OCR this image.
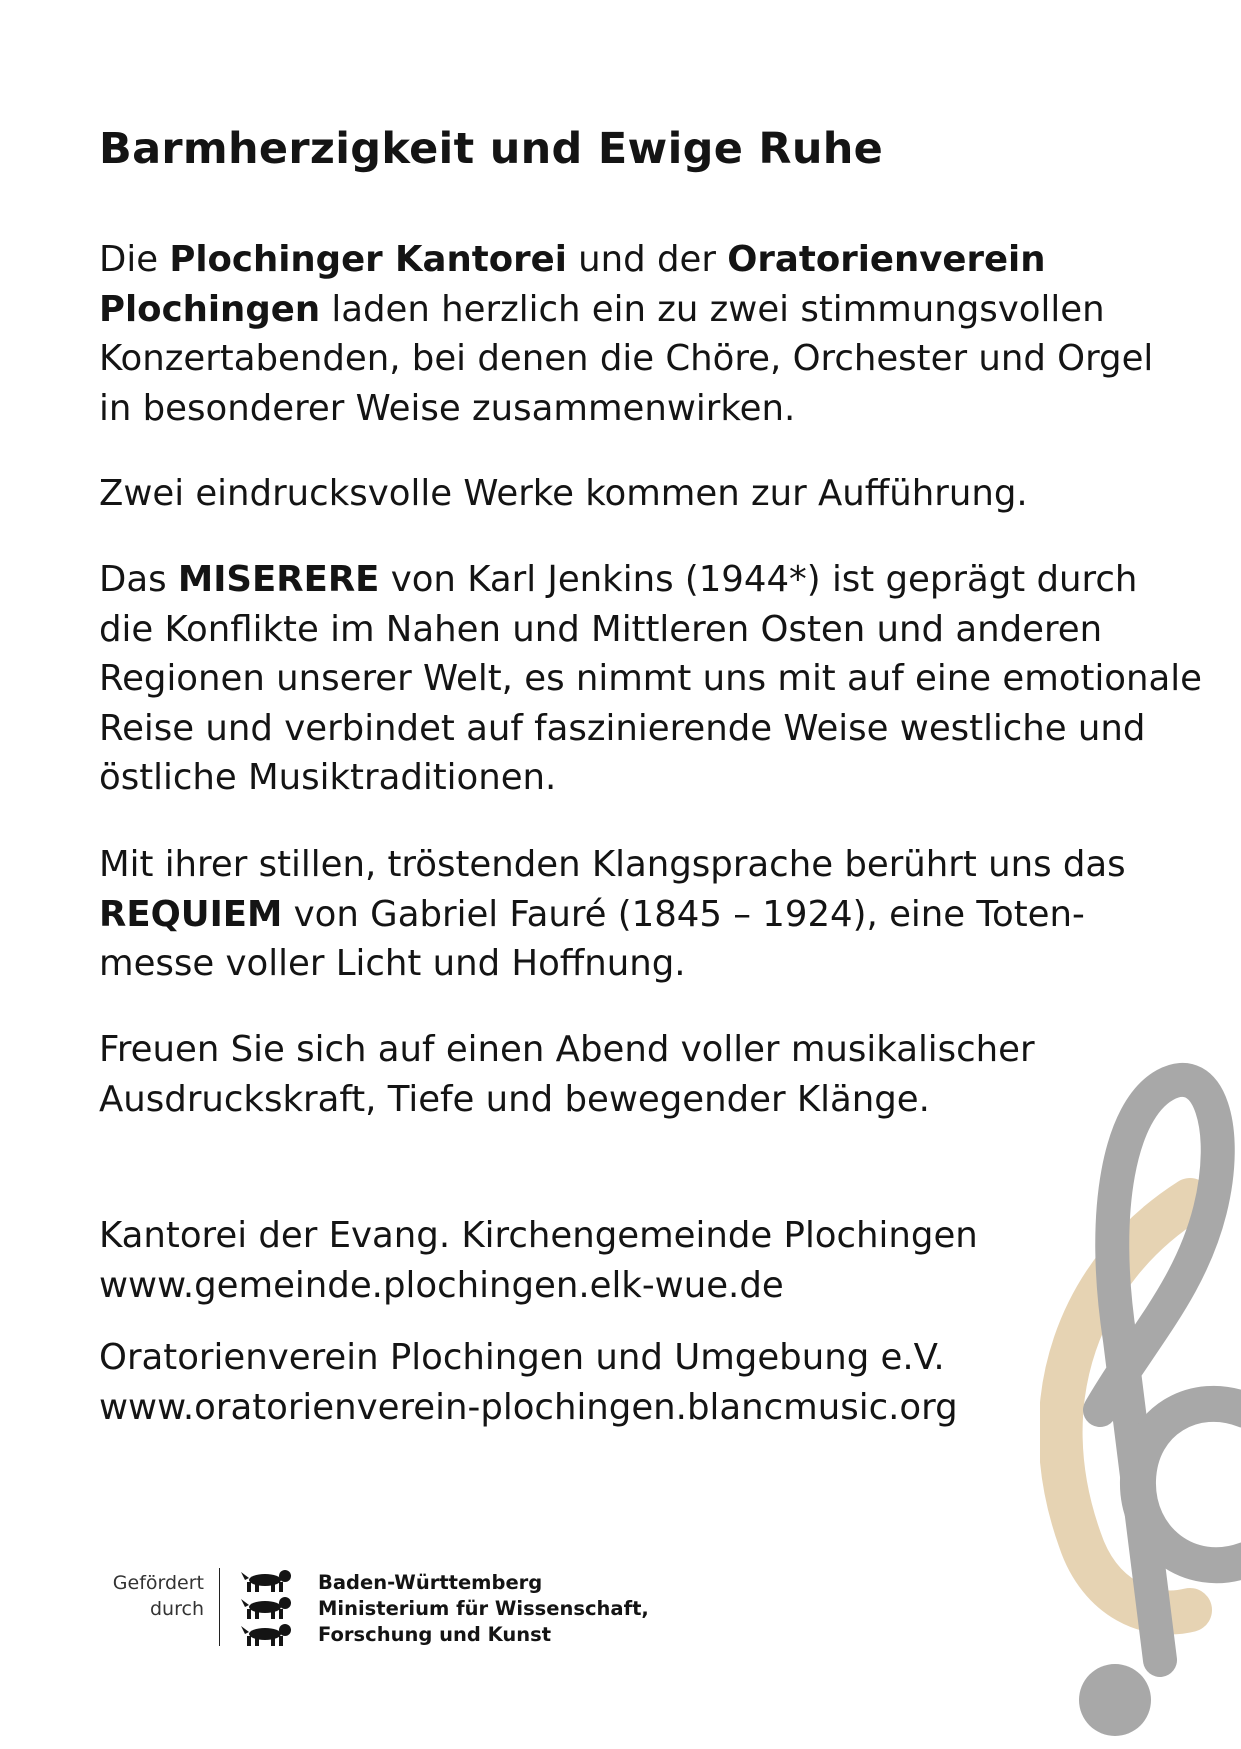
Barmherzigkeit und Ewige Ruhe

Die Plochinger Kantorei und der Oratorienverein
Plochingen laden herzlich ein zu zwei stimmungsvollen
Konzertabenden, bei denen die Chöre, Orchester und Orgel
in besonderer Weise zusammenwirken.

Zwei eindrucksvolle Werke kommen zur Aufführung.

Das MISERERE von Karl Jenkins (1944*) ist geprägt durch
die Konflikte im Nahen und Mittleren Osten und anderen
Regionen unserer Welt, es nimmt uns mit auf eine emotionale
Reise und verbindet auf faszinierende Weise westliche und
östliche Musiktraditionen.

Mit ihrer stillen, tröstenden Klangsprache berührt uns das
REQUIEM von Gabriel Fauré (1845 – 1924), eine Toten-
messe voller Licht und Hoffnung.

Freuen Sie sich auf einen Abend voller musikalischer
Ausdruckskraft, Tiefe und bewegender Klänge.

Kantorei der Evang. Kirchengemeinde Plochingen
www.gemeinde.plochingen.elk-wue.de

Oratorienverein Plochingen und Umgebung e.V.
www.oratorienverein-plochingen.blancmusic.org

Gefördert
durch
Baden-Württemberg
Ministerium für Wissenschaft,
Forschung und Kunst
